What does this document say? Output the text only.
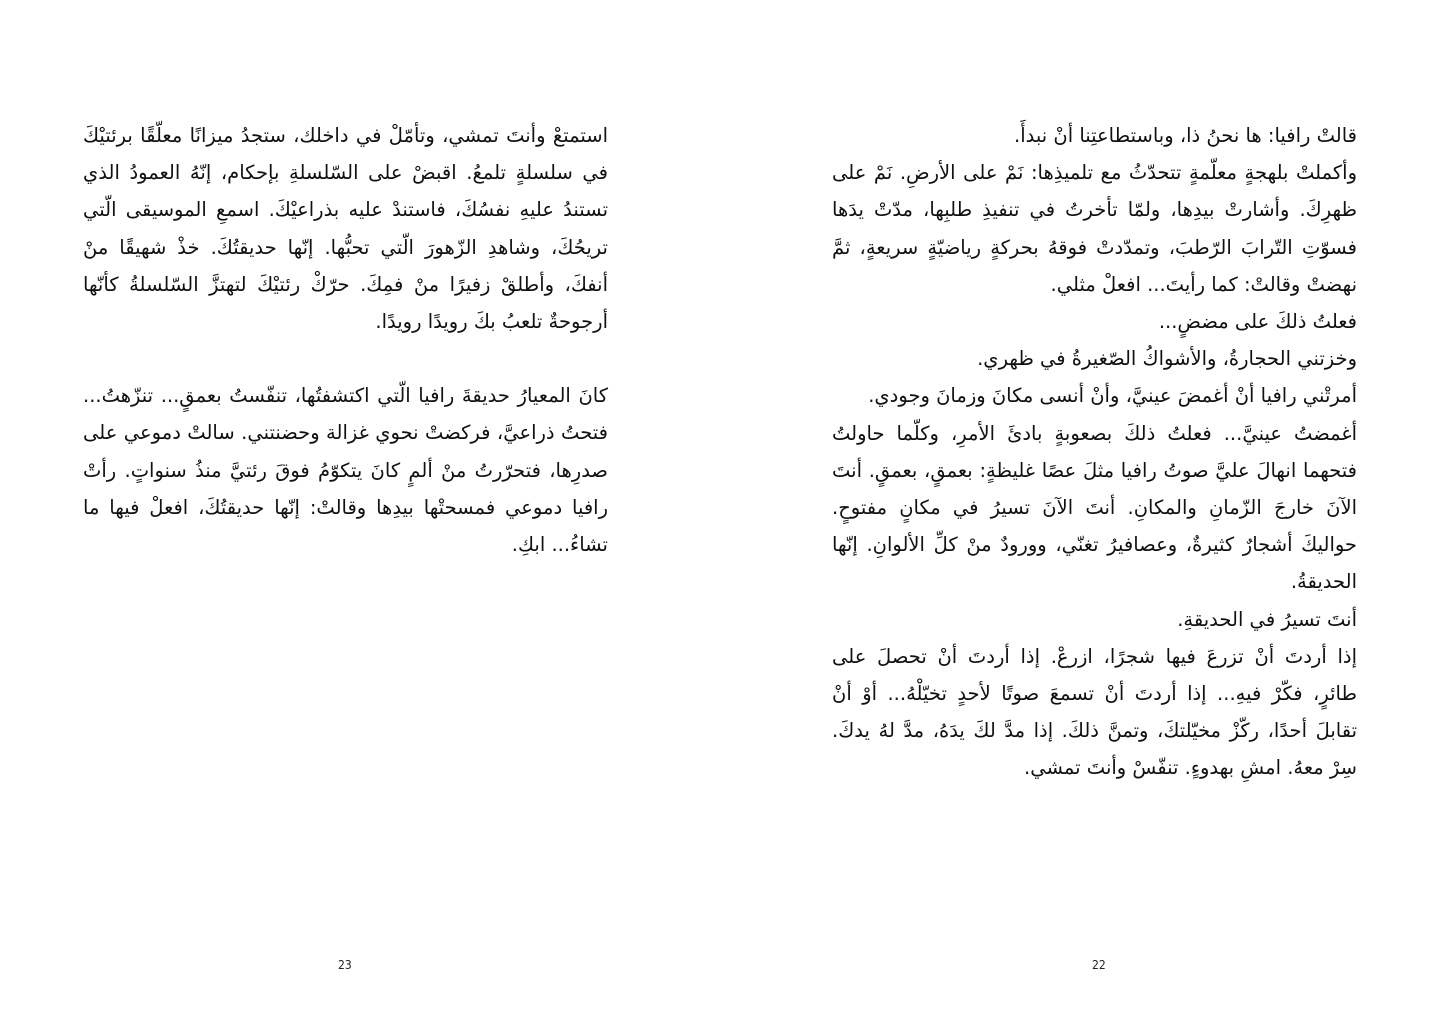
استمتعْ وأنتَ تمشي، وتأمّلْ في داخلك، ستجدُ ميزانًا معلّقًا برئتيْكَ في سلسلةٍ تلمعُ. اقبضْ على السّلسلةِ بإحكام، إنّهُ العمودُ الذي تستندُ عليهِ نفسُكَ، فاستندْ عليه بذراعيْكَ. اسمعِ الموسيقى الّتي تريحُكَ، وشاهدِ الزّهورَ الّتي تحبُّها. إنّها حديقتُكَ. خذْ شهيقًا منْ أنفكَ، وأطلقْ زفيرًا منْ فمِكَ. حرّكْ رئتيْكَ لتهتزَّ السّلسلةُ كأنّها أرجوحةٌ تلعبُ بكَ رويدًا رويدًا.

كانَ المعيارُ حديقةَ رافيا الّتي اكتشفتُها، تنفّستُ بعمقٍ... تنزّهتُ... فتحتُ ذراعيَّ، فركضتْ نحوي غزالة وحضنتني. سالتْ دموعي على صدرِها، فتحرّرتُ منْ ألمٍ كانَ يتكوّمُ فوقَ رئتيَّ منذُ سنواتٍ. رأتْ رافيا دموعي فمسحتْها بيدِها وقالتْ: إنّها حديقتُكَ، افعلْ فيها ما تشاءُ... ابكِ.

23

قالتْ رافيا: ها نحنُ ذا، وباستطاعتِنا أنْ نبدأَ.

وأكملتْ بلهجةٍ معلّمةٍ تتحدّثُ مع تلميذِها: نَمْ على الأرضِ. نَمْ على ظهرِكَ. وأشارتْ بيدِها، ولمّا تأخرتُ في تنفيذِ طلبِها، مدّتْ يدَها فسوّتِ التّرابَ الرّطبَ، وتمدّدتْ فوقهُ بحركةٍ رياضيّةٍ سريعةٍ، ثمَّ نهضتْ وقالتْ: كما رأيتَ... افعلْ مثلي.

فعلتُ ذلكَ على مضضٍ...

وخزتني الحجارةُ، والأشواكُ الصّغيرةُ في ظهري.

أمرتْني رافيا أنْ أغمضَ عينيَّ، وأنْ أنسى مكانَ وزمانَ وجودي.

أغمضتُ عينيَّ... فعلتُ ذلكَ بصعوبةٍ بادئَ الأمرِ، وكلّما حاولتُ فتحهما انهالَ عليَّ صوتُ رافيا مثلَ عصًا غليظةٍ: بعمقٍ، بعمقٍ. أنتَ الآنَ خارجَ الزّمانِ والمكانِ. أنتَ الآنَ تسيرُ في مكانٍ مفتوحٍ. حواليكَ أشجارٌ كثيرةٌ، وعصافيرُ تغنّي، وورودٌ منْ كلِّ الألوانِ. إنّها الحديقةُ.

أنتَ تسيرُ في الحديقةِ.

إذا أردتَ أنْ تزرعَ فيها شجرًا، ازرعْ. إذا أردتَ أنْ تحصلَ على طائرٍ، فكّرْ فيهِ... إذا أردتَ أنْ تسمعَ صوتًا لأحدٍ تخيّلْهُ... أوْ أنْ تقابلَ أحدًا، ركّزْ مخيّلتكَ، وتمنَّ ذلكَ. إذا مدَّ لكَ يدَهُ، مدَّ لهُ يدكَ. سِرْ معهُ. امشِ بهدوءٍ. تنفّسْ وأنتَ تمشي.

22
